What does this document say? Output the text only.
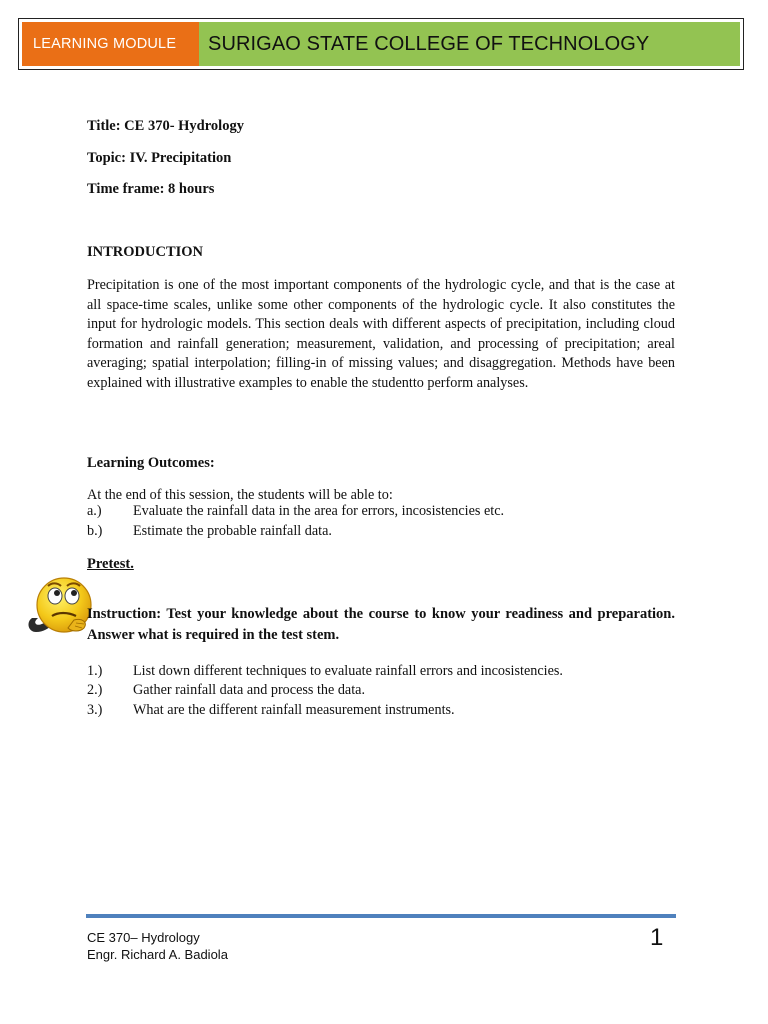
LEARNING MODULE	SURIGAO STATE COLLEGE OF TECHNOLOGY
Title: CE 370- Hydrology
Topic: IV. Precipitation
Time frame: 8 hours
INTRODUCTION
Precipitation is one of the most important components of the hydrologic cycle, and that is the case at all space-time scales, unlike some other components of the hydrologic cycle. It also constitutes the input for hydrologic models. This section deals with different aspects of precipitation, including cloud formation and rainfall generation; measurement, validation, and processing of precipitation; areal averaging; spatial interpolation; filling-in of missing values; and disaggregation. Methods have been explained with illustrative examples to enable the studentto perform analyses.
Learning Outcomes:
At the end of this session, the students will be able to:
a.) Evaluate the rainfall data in the area for errors, incosistencies etc.
b.) Estimate the probable rainfall data.
Pretest.
Instruction: Test your knowledge about the course to know your readiness and preparation. Answer what is required in the test stem.
1.) List down different techniques to evaluate rainfall errors and incosistencies.
2.) Gather rainfall data and process the data.
3.) What are the different rainfall measurement instruments.
CE 370– Hydrology
Engr. Richard A. Badiola
1
